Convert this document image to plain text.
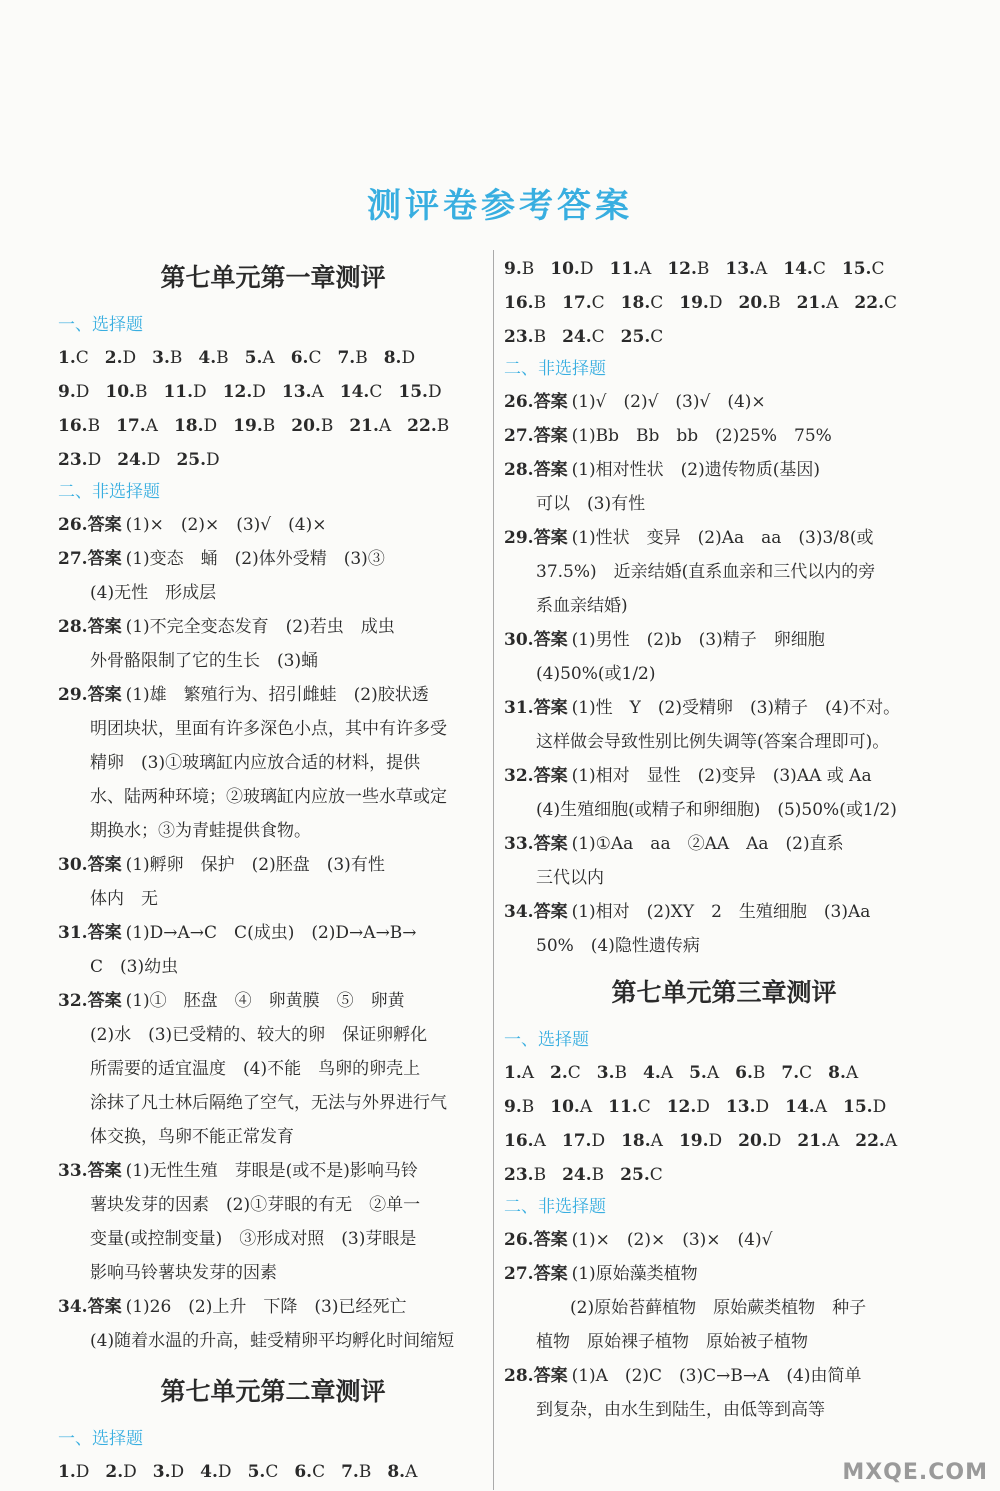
测评卷参考答案
第七单元第一章测评
一、选择题
1.C 2.D 3.B 4.B 5.A 6.C 7.B 8.D
9.D 10.B 11.D 12.D 13.A 14.C 15.D
16.B 17.A 18.D 19.B 20.B 21.A 22.B
23.D 24.D 25.D
二、非选择题
26.答案 (1)×　(2)×　(3)√　(4)×
27.答案 (1)变态　蛹　(2)体外受精　(3)③
(4)无性　形成层
28.答案 (1)不完全变态发育　(2)若虫　成虫
外骨骼限制了它的生长　(3)蛹
29.答案 (1)雄　繁殖行为、招引雌蛙　(2)胶状透
明团块状，里面有许多深色小点，其中有许多受
精卵　(3)①玻璃缸内应放合适的材料，提供
水、陆两种环境；②玻璃缸内应放一些水草或定
期换水；③为青蛙提供食物。
30.答案 (1)孵卵　保护　(2)胚盘　(3)有性
体内　无
31.答案 (1)D→A→C　C(成虫)　(2)D→A→B→
C　(3)幼虫
32.答案 (1)①　胚盘　④　卵黄膜　⑤　卵黄
(2)水　(3)已受精的、较大的卵　保证卵孵化
所需要的适宜温度　(4)不能　鸟卵的卵壳上
涂抹了凡士林后隔绝了空气，无法与外界进行气
体交换，鸟卵不能正常发育
33.答案 (1)无性生殖　芽眼是(或不是)影响马铃
薯块发芽的因素　(2)①芽眼的有无　②单一
变量(或控制变量)　③形成对照　(3)芽眼是
影响马铃薯块发芽的因素
34.答案 (1)26　(2)上升　下降　(3)已经死亡
(4)随着水温的升高，蛙受精卵平均孵化时间缩短
第七单元第二章测评
一、选择题
1.D 2.D 3.D 4.D 5.C 6.C 7.B 8.A
9.B 10.D 11.A 12.B 13.A 14.C 15.C
16.B 17.C 18.C 19.D 20.B 21.A 22.C
23.B 24.C 25.C
二、非选择题
26.答案 (1)√　(2)√　(3)√　(4)×
27.答案 (1)Bb　Bb　bb　(2)25%　75%
28.答案 (1)相对性状　(2)遗传物质(基因)
可以　(3)有性
29.答案 (1)性状　变异　(2)Aa　aa　(3)3/8(或
37.5%)　近亲结婚(直系血亲和三代以内的旁
系血亲结婚)
30.答案 (1)男性　(2)b　(3)精子　卵细胞
(4)50%(或1/2)
31.答案 (1)性　Y　(2)受精卵　(3)精子　(4)不对。
这样做会导致性别比例失调等(答案合理即可)。
32.答案 (1)相对　显性　(2)变异　(3)AA 或 Aa
(4)生殖细胞(或精子和卵细胞)　(5)50%(或1/2)
33.答案 (1)①Aa　aa　②AA　Aa　(2)直系
三代以内
34.答案 (1)相对　(2)XY　2　生殖细胞　(3)Aa
50%　(4)隐性遗传病
第七单元第三章测评
一、选择题
1.A 2.C 3.B 4.A 5.A 6.B 7.C 8.A
9.B 10.A 11.C 12.D 13.D 14.A 15.D
16.A 17.D 18.A 19.D 20.D 21.A 22.A
23.B 24.B 25.C
二、非选择题
26.答案 (1)×　(2)×　(3)×　(4)√
27.答案 (1)原始藻类植物
　　(2)原始苔藓植物　原始蕨类植物　种子
植物　原始裸子植物　原始被子植物
28.答案 (1)A　(2)C　(3)C→B→A　(4)由简单
到复杂，由水生到陆生，由低等到高等
MXQE.COM
